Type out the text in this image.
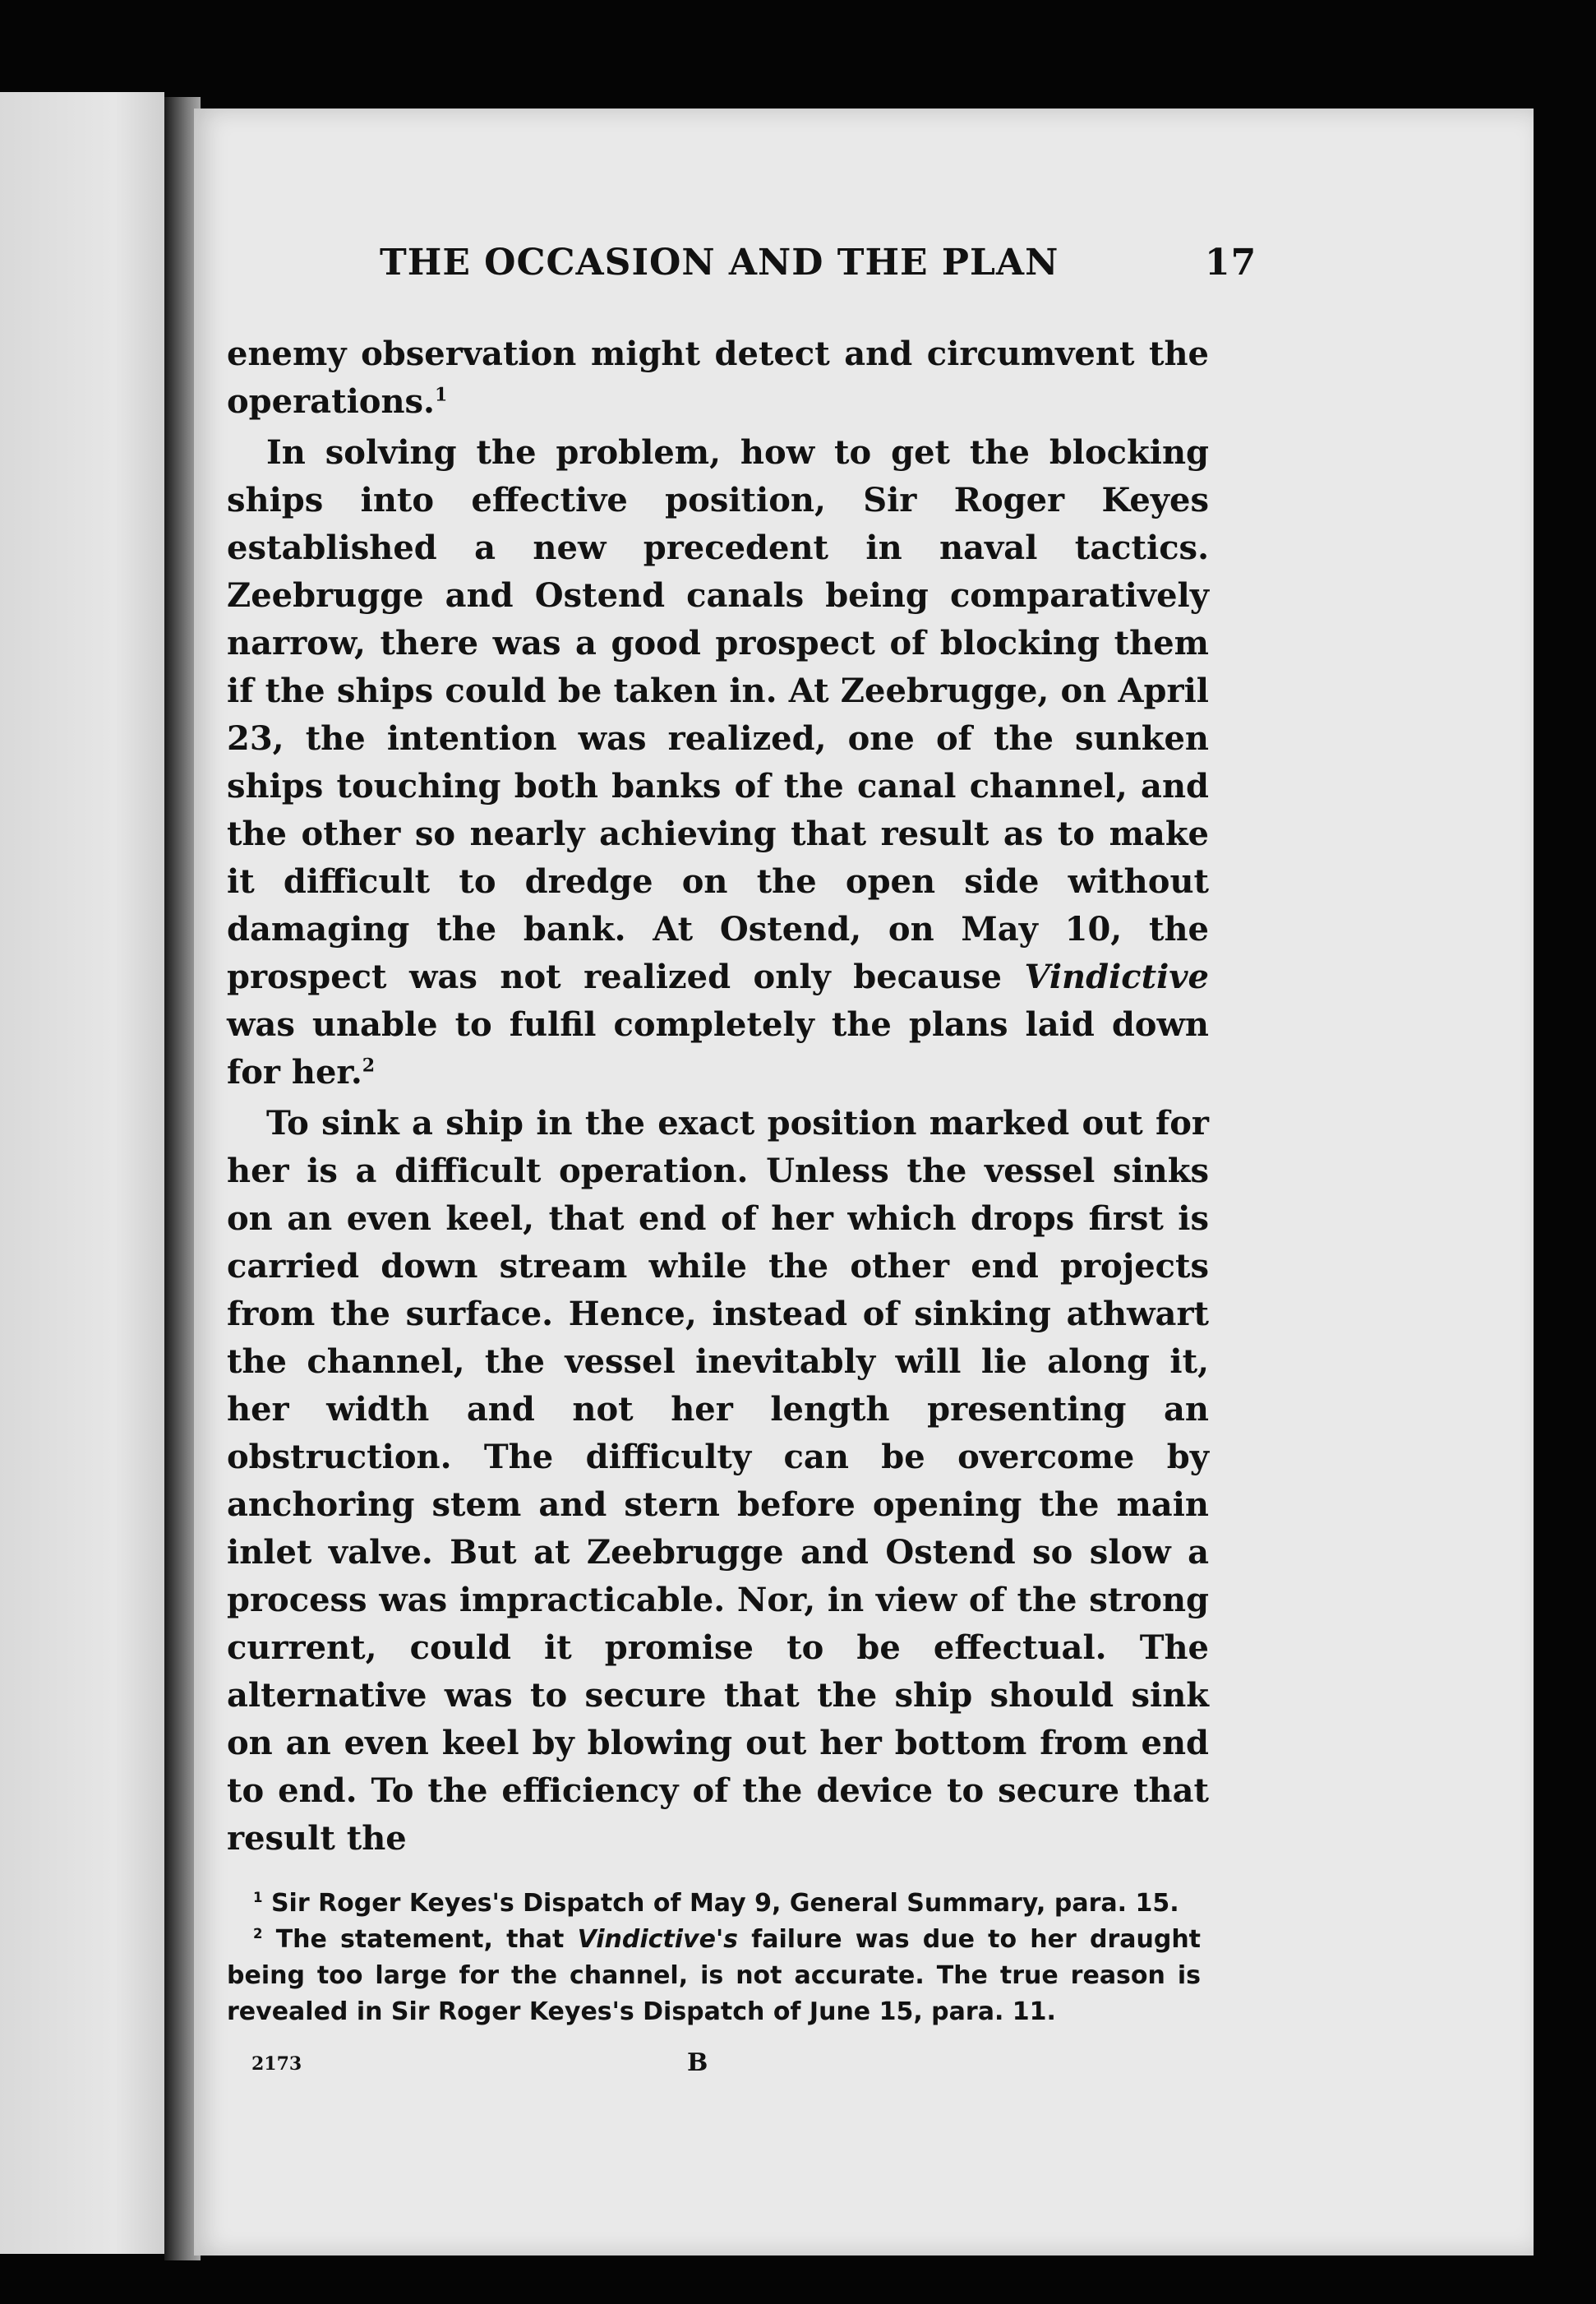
THE OCCASION AND THE PLAN	17

enemy observation might detect and circumvent the operations.$^1$

In solving the problem, how to get the blocking ships into effective position, Sir Roger Keyes established a new precedent in naval tactics. Zeebrugge and Ostend canals being comparatively narrow, there was a good prospect of blocking them if the ships could be taken in. At Zeebrugge, on April 23, the intention was realized, one of the sunken ships touching both banks of the canal channel, and the other so nearly achieving that result as to make it difficult to dredge on the open side without damaging the bank. At Ostend, on May 10, the prospect was not realized only because Vindictive was unable to fulfil completely the plans laid down for her.$^2$

To sink a ship in the exact position marked out for her is a difficult operation. Unless the vessel sinks on an even keel, that end of her which drops first is carried down stream while the other end projects from the surface. Hence, instead of sinking athwart the channel, the vessel inevitably will lie along it, her width and not her length presenting an obstruction. The difficulty can be overcome by anchoring stem and stern before opening the main inlet valve. But at Zeebrugge and Ostend so slow a process was impracticable. Nor, in view of the strong current, could it promise to be effectual. The alternative was to secure that the ship should sink on an even keel by blowing out her bottom from end to end. To the efficiency of the device to secure that result the

$^1$ Sir Roger Keyes's Dispatch of May 9, General Summary, para. 15.

$^2$ The statement, that Vindictive's failure was due to her draught being too large for the channel, is not accurate. The true reason is revealed in Sir Roger Keyes's Dispatch of June 15, para. 11.

2173	B
